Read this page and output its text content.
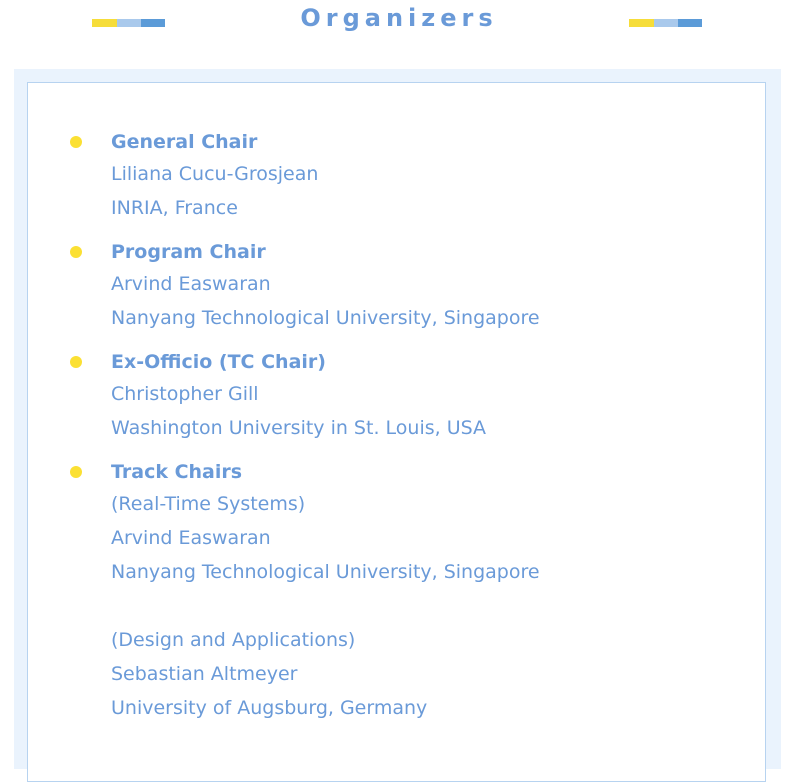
Organizers
General Chair
Liliana Cucu-Grosjean
INRIA, France
Program Chair
Arvind Easwaran
Nanyang Technological University, Singapore
Ex-Officio (TC Chair)
Christopher Gill
Washington University in St. Louis, USA
Track Chairs
(Real-Time Systems)
Arvind Easwaran
Nanyang Technological University, Singapore
(Design and Applications)
Sebastian Altmeyer
University of Augsburg, Germany
